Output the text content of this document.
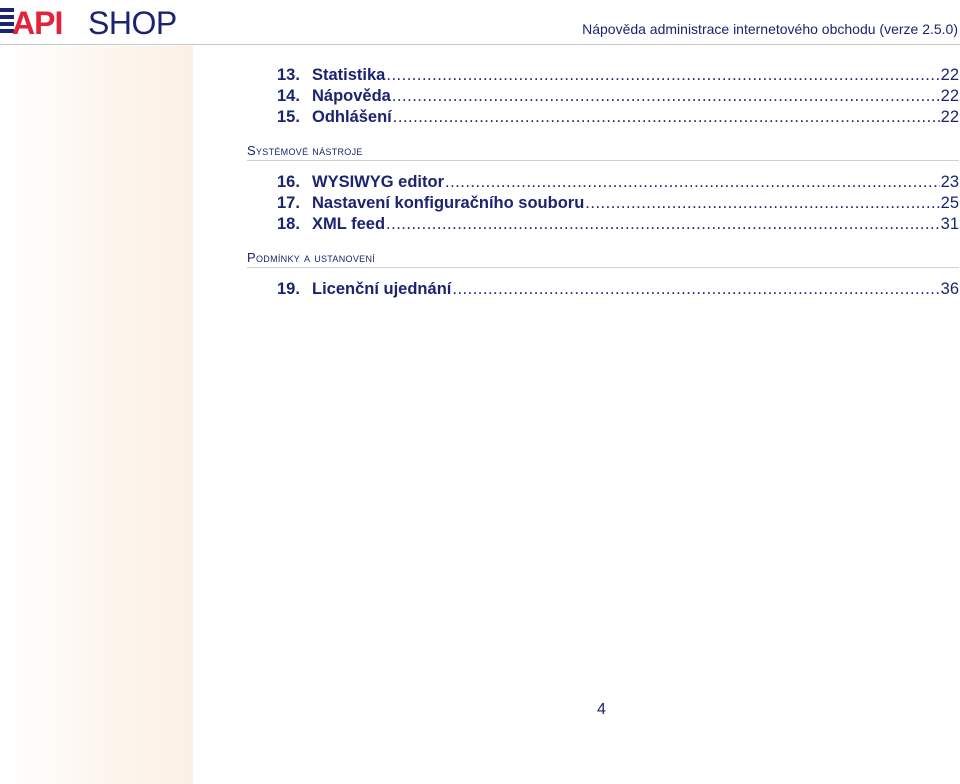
API SHOP	Nápověda administrace internetového obchodu (verze 2.5.0)
13. Statistika .....	22
14. Nápověda .....	22
15. Odhlášení .....	22
Systémové nástroje
16. WYSIWYG editor .....	23
17. Nastavení konfiguračního souboru .....	25
18. XML feed .....	31
Podmínky a ustanovení
19. Licenční ujednání .....	36
4
